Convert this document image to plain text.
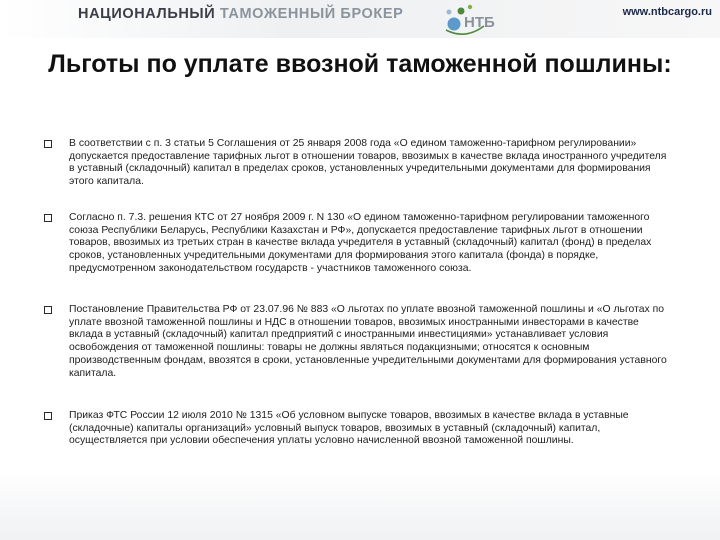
НАЦИОНАЛЬНЫЙ ТАМОЖЕННЫЙ БРОКЕР	НТБ
www.ntbcargo.ru
Льготы по уплате ввозной таможенной пошлины:
В соответствии с п. 3 статьи 5 Соглашения от 25 января 2008 года «О едином таможенно-тарифном регулировании» допускается предоставление тарифных льгот в отношении товаров, ввозимых в качестве вклада иностранного учредителя в уставный (складочный) капитал в пределах сроков, установленных учредительными документами для формирования этого капитала.
Согласно п. 7.3. решения КТС от 27 ноября 2009 г. N 130 «О едином таможенно-тарифном регулировании таможенного союза Республики Беларусь, Республики Казахстан и РФ», допускается предоставление тарифных льгот в отношении товаров, ввозимых из третьих стран в качестве вклада учредителя в уставный (складочный) капитал (фонд) в пределах сроков, установленных учредительными документами для формирования этого капитала (фонда) в порядке, предусмотренном законодательством государств - участников таможенного союза.
Постановление Правительства РФ от 23.07.96 № 883 «О льготах по уплате ввозной таможенной пошлины и «О льготах по уплате ввозной таможенной пошлины и НДС в отношении товаров, ввозимых иностранными инвесторами в качестве вклада в уставный (складочный) капитал предприятий с иностранными инвестициями» устанавливает условия освобождения от таможенной пошлины: товары не должны являться подакцизными; относятся к основным производственным фондам, ввозятся в сроки, установленные учредительными документами для формирования уставного капитала.
Приказ ФТС России 12 июля 2010 № 1315 «Об условном выпуске товаров, ввозимых в качестве вклада в уставные (складочные) капиталы организаций» условный выпуск товаров, ввозимых в уставный (складочный) капитал, осуществляется при условии обеспечения уплаты условно начисленной ввозной таможенной пошлины.
